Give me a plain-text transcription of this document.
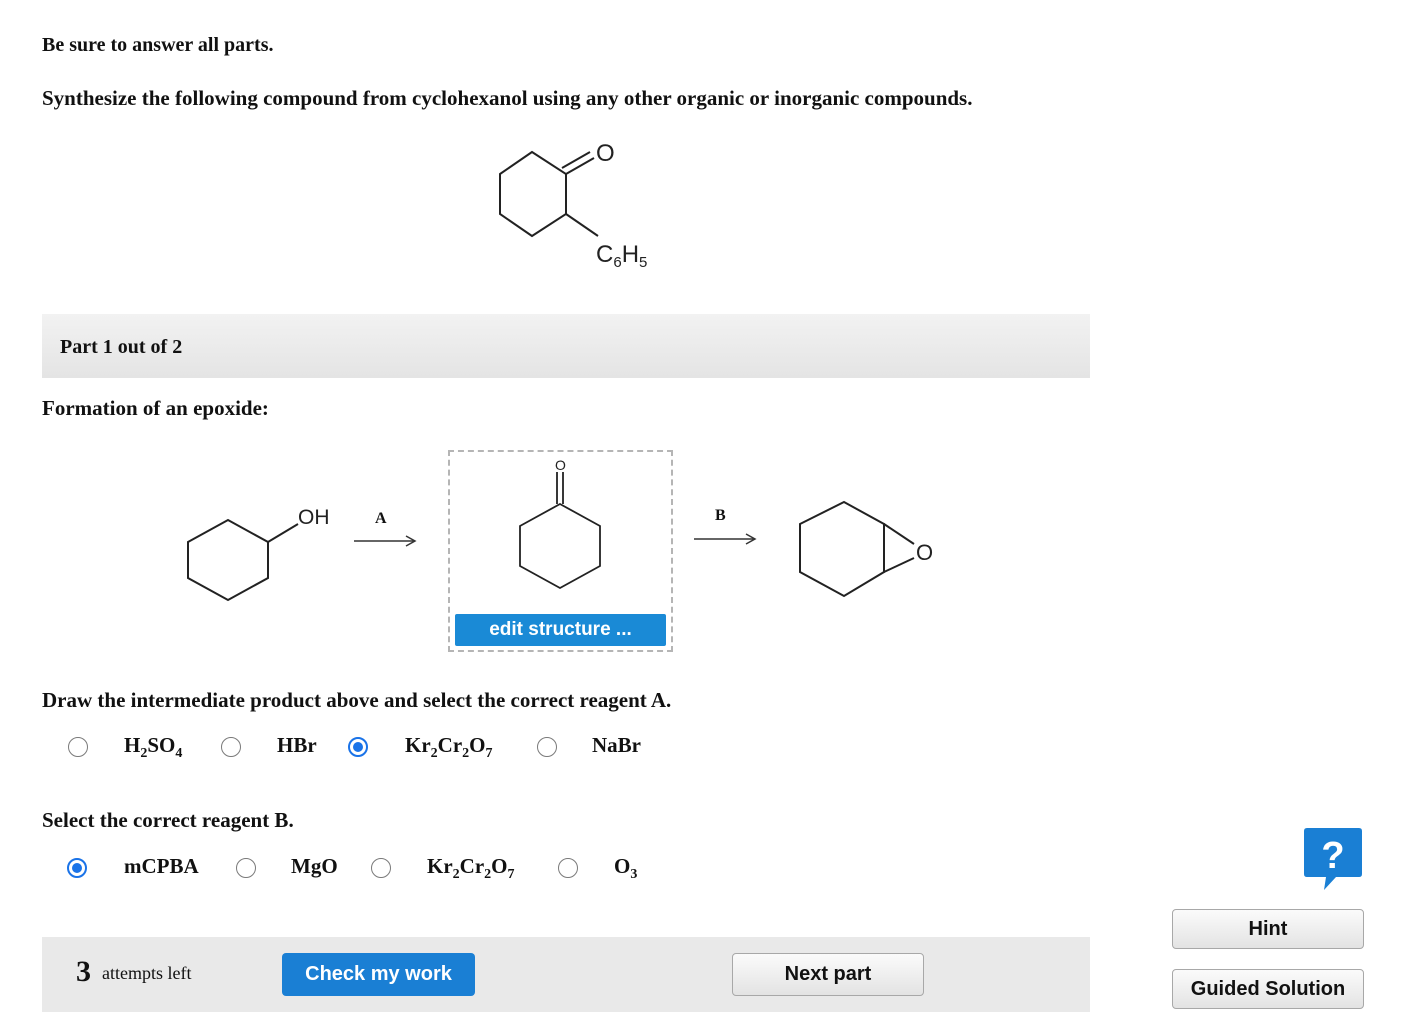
Be sure to answer all parts.
Synthesize the following compound from cyclohexanol using any other organic or inorganic compounds.
O
$C_6H_5$
Part 1 out of 2
Formation of an epoxide:
OH	A
O
edit structure ...
B
O
Draw the intermediate product above and select the correct reagent A.
$H_2SO_4$	HBr	$Kr_2Cr_2O_7$	NaBr
Select the correct reagent B.
mCPBA	MgO	$Kr_2Cr_2O_7$	$O_3$	?
Hint
Guided Solution
3 attempts left	Check my work	Next part
